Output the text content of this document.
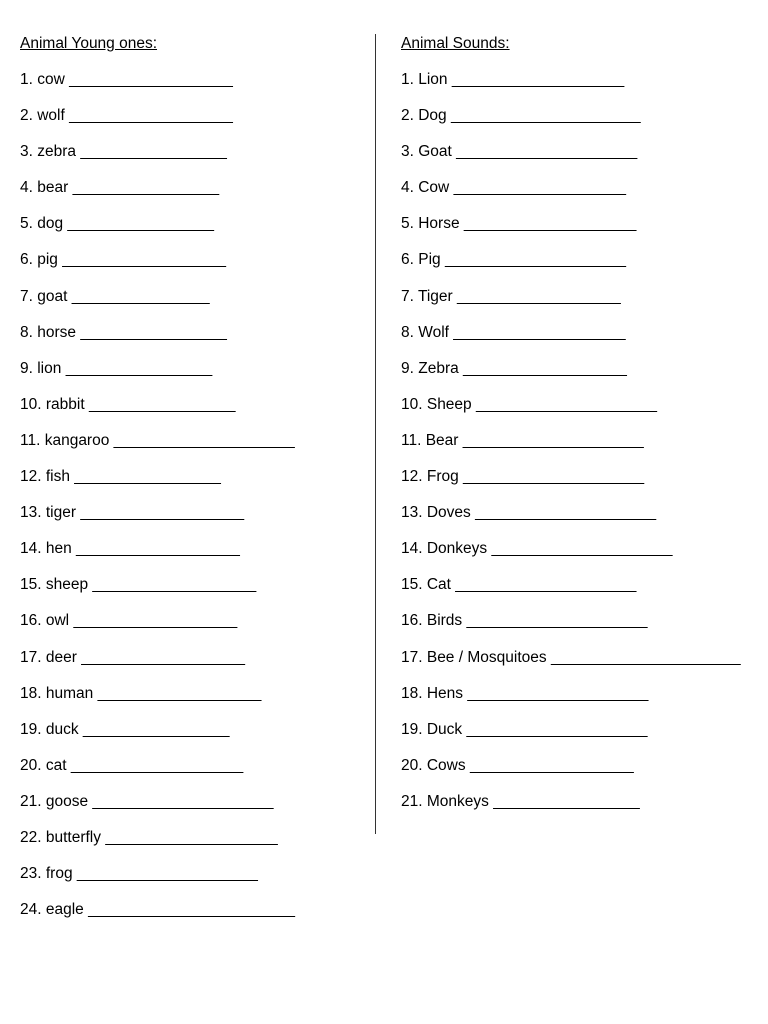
Animal Young ones:
1. cow ___________________
2. wolf ___________________
3. zebra _________________
4. bear _________________
5. dog _________________
6. pig ___________________
7. goat ________________
8. horse _________________
9. lion _________________
10. rabbit _________________
11. kangaroo _____________________
12. fish _________________
13. tiger ___________________
14. hen ___________________
15. sheep ___________________
16. owl ___________________
17. deer ___________________
18. human ___________________
19. duck _________________
20. cat ____________________
21. goose _____________________
22. butterfly ____________________
23. frog _____________________
24. eagle ________________________
Animal Sounds:
1. Lion ____________________
2. Dog ______________________
3. Goat _____________________
4. Cow ____________________
5. Horse ____________________
6. Pig _____________________
7. Tiger ___________________
8. Wolf ____________________
9. Zebra ___________________
10. Sheep _____________________
11. Bear _____________________
12. Frog _____________________
13. Doves _____________________
14. Donkeys _____________________
15. Cat _____________________
16. Birds _____________________
17. Bee / Mosquitoes ______________________
18. Hens _____________________
19. Duck _____________________
20. Cows ___________________
21. Monkeys _________________
